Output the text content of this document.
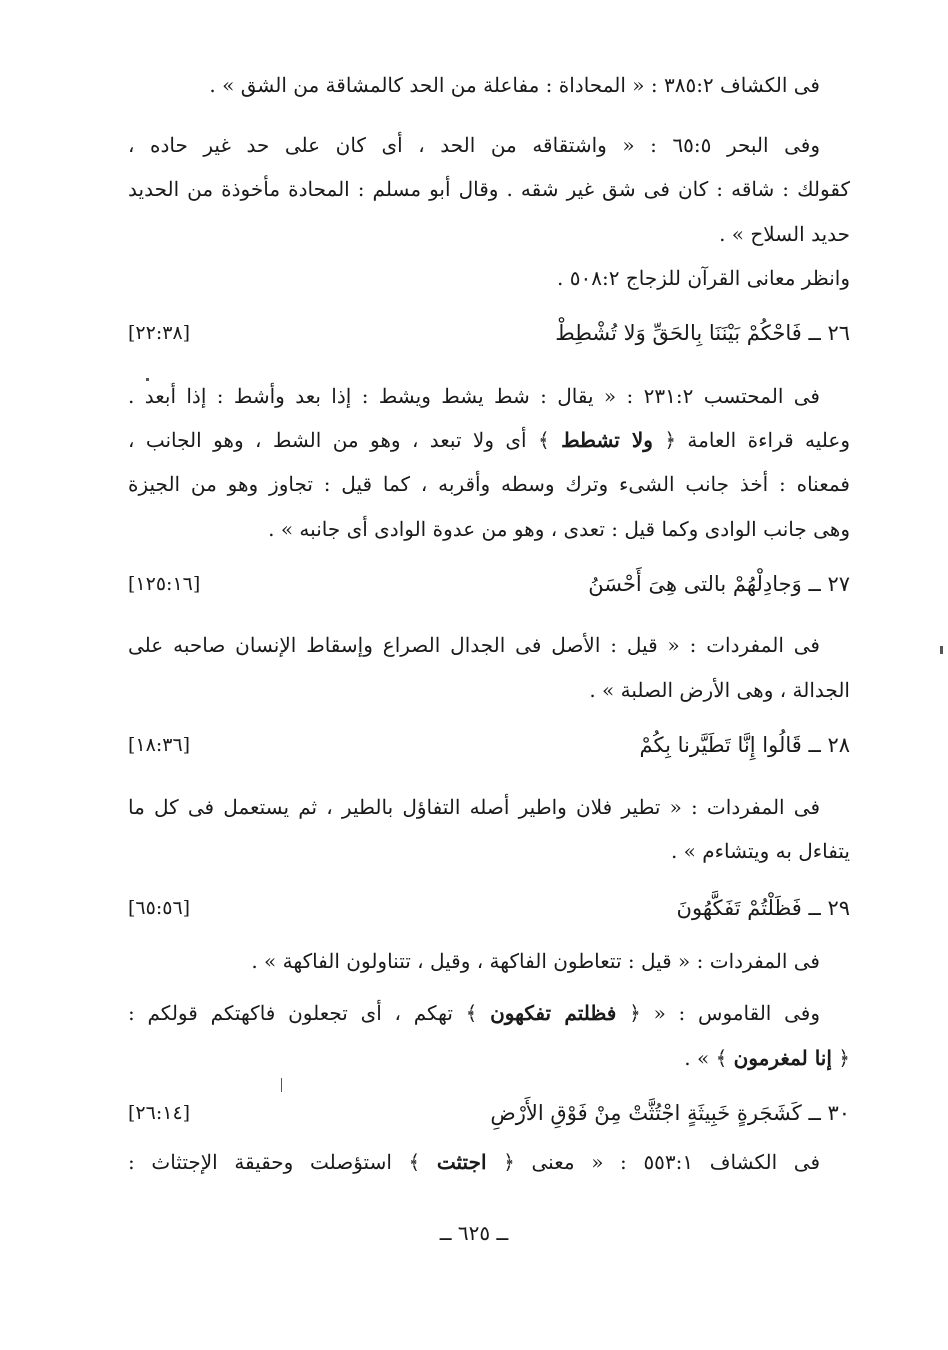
فى الكشاف ٣٨٥:٢ : « المحاداة : مفاعلة من الحد كالمشاقة من الشق » .
وفى البحر ٦٥:٥ : « واشتقاقه من الحد ، أى كان على حد غير حاده ،
كقولك : شاقه : كان فى شق غير شقه . وقال أبو مسلم : المحادة مأخوذة من الحديد
حديد السلاح » .
وانظر معانى القرآن للزجاج ٥٠٨:٢ .
٢٦ ــ فَاحْكُمْ بَيْنَنَا بِالحَقِّ وَلا تُشْطِطْ
[٢٢:٣٨]
فى المحتسب ٢٣١:٢ : « يقال : شط يشط ويشط : إذا بعد وأشط : إذا أبعد .
وعليه قراءة العامة ﴿ ولا تشطط ﴾ أى ولا تبعد ، وهو من الشط ، وهو الجانب ،
فمعناه : أخذ جانب الشىء وترك وسطه وأقربه ، كما قيل : تجاوز وهو من الجيزة
وهى جانب الوادى وكما قيل : تعدى ، وهو من عدوة الوادى أى جانبه » .
٢٧ ــ وَجادِلْهُمْ بالتى هِىَ أَحْسَنُ
[١٢٥:١٦]
فى المفردات : « قيل : الأصل فى الجدال الصراع وإسقاط الإنسان صاحبه على
الجدالة ، وهى الأرض الصلبة » .
٢٨ ــ قَالُوا إِنَّا تَطَيَّرنا بِكُمْ
[١٨:٣٦]
فى المفردات : « تطير فلان واطير أصله التفاؤل بالطير ، ثم يستعمل فى كل ما
يتفاءل به ويتشاءم » .
٢٩ ــ فَظَلْتُمْ تَفَكَّهُونَ
[٦٥:٥٦]
فى المفردات : « قيل : تتعاطون الفاكهة ، وقيل ، تتناولون الفاكهة » .
وفى القاموس : « ﴿ فظلتم تفكهون ﴾ تهكم ، أى تجعلون فاكهتكم قولكم :
﴿ إنا لمغرمون ﴾ » .
٣٠ ــ كَشَجَرةٍ خَبِيثَةٍ اجْتُثَّتْ مِنْ فَوْقِ الأَرْضِ
[٢٦:١٤]
فى الكشاف ٥٥٣:١ : « معنى ﴿ اجتثت ﴾ استؤصلت وحقيقة الإجتثاث :
ــ ٦٢٥ ــ
